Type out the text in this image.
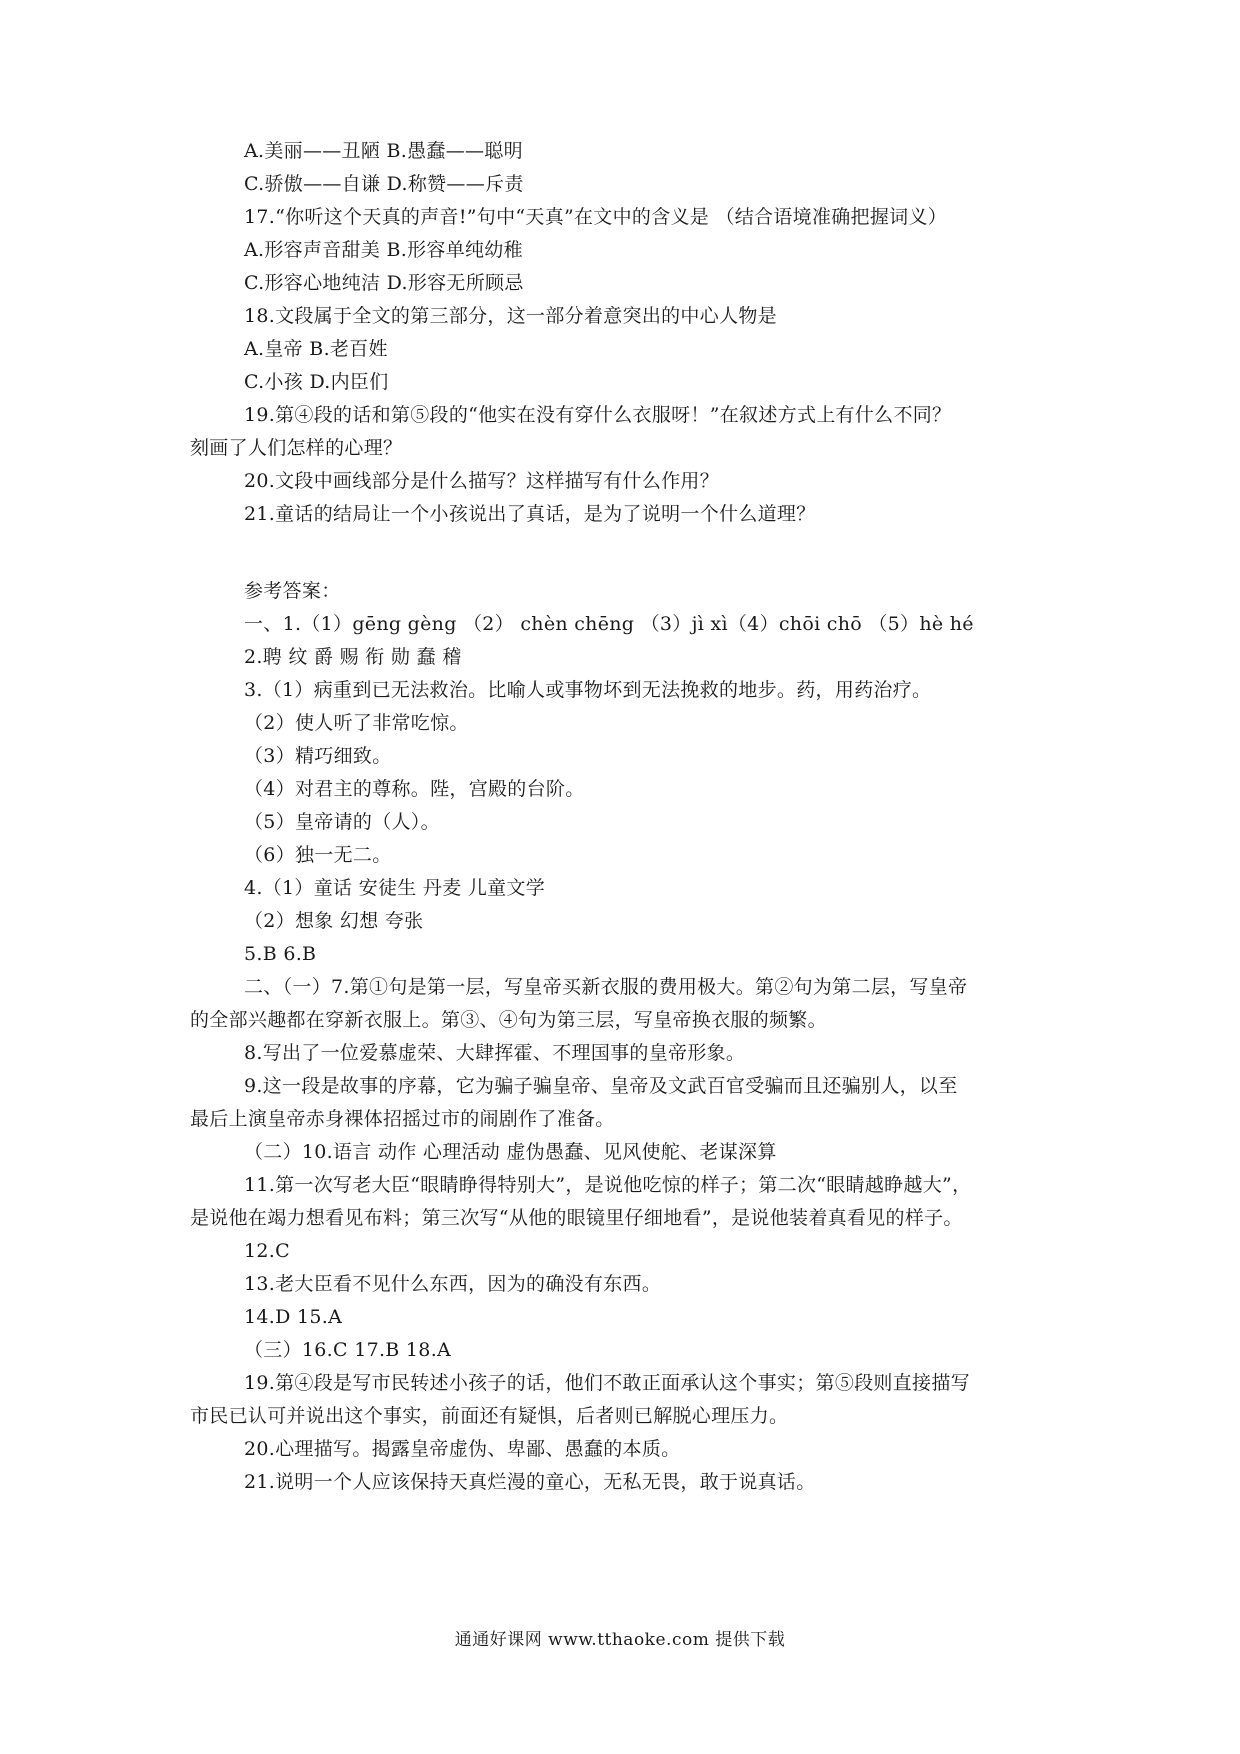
A.美丽——丑陋 B.愚蠢——聪明
C.骄傲——自谦 D.称赞——斥责
17.“你听这个天真的声音!”句中“天真”在文中的含义是 （结合语境准确把握词义）
A.形容声音甜美 B.形容单纯幼稚
C.形容心地纯洁 D.形容无所顾忌
18.文段属于全文的第三部分，这一部分着意突出的中心人物是
A.皇帝 B.老百姓
C.小孩 D.内臣们
19.第④段的话和第⑤段的“他实在没有穿什么衣服呀！”在叙述方式上有什么不同？
刻画了人们怎样的心理？
20.文段中画线部分是什么描写？这样描写有什么作用？
21.童话的结局让一个小孩说出了真话，是为了说明一个什么道理？
参考答案：
一、1.（1）gēng gèng （2） chèn chēng （3）jì xì（4）chōi chō （5）hè hé
2.聘 纹 爵 赐 衔 勋 蠢 稽
3.（1）病重到已无法救治。比喻人或事物坏到无法挽救的地步。药，用药治疗。
（2）使人听了非常吃惊。
（3）精巧细致。
（4）对君主的尊称。陛，宫殿的台阶。
（5）皇帝请的（人）。
（6）独一无二。
4.（1）童话 安徒生 丹麦 儿童文学
（2）想象 幻想 夸张
5.B 6.B
二、（一）7.第①句是第一层，写皇帝买新衣服的费用极大。第②句为第二层，写皇帝
的全部兴趣都在穿新衣服上。第③、④句为第三层，写皇帝换衣服的频繁。
8.写出了一位爱慕虚荣、大肆挥霍、不理国事的皇帝形象。
9.这一段是故事的序幕，它为骗子骗皇帝、皇帝及文武百官受骗而且还骗别人，以至
最后上演皇帝赤身裸体招摇过市的闹剧作了准备。
（二）10.语言 动作 心理活动 虚伪愚蠢、见风使舵、老谋深算
11.第一次写老大臣“眼睛睁得特别大”，是说他吃惊的样子；第二次“眼睛越睁越大”，
是说他在竭力想看见布料；第三次写“从他的眼镜里仔细地看”，是说他装着真看见的样子。
12.C
13.老大臣看不见什么东西，因为的确没有东西。
14.D 15.A
（三）16.C 17.B 18.A
19.第④段是写市民转述小孩子的话，他们不敢正面承认这个事实；第⑤段则直接描写
市民已认可并说出这个事实，前面还有疑惧，后者则已解脱心理压力。
20.心理描写。揭露皇帝虚伪、卑鄙、愚蠢的本质。
21.说明一个人应该保持天真烂漫的童心，无私无畏，敢于说真话。
通通好课网 www.tthaoke.com 提供下载
